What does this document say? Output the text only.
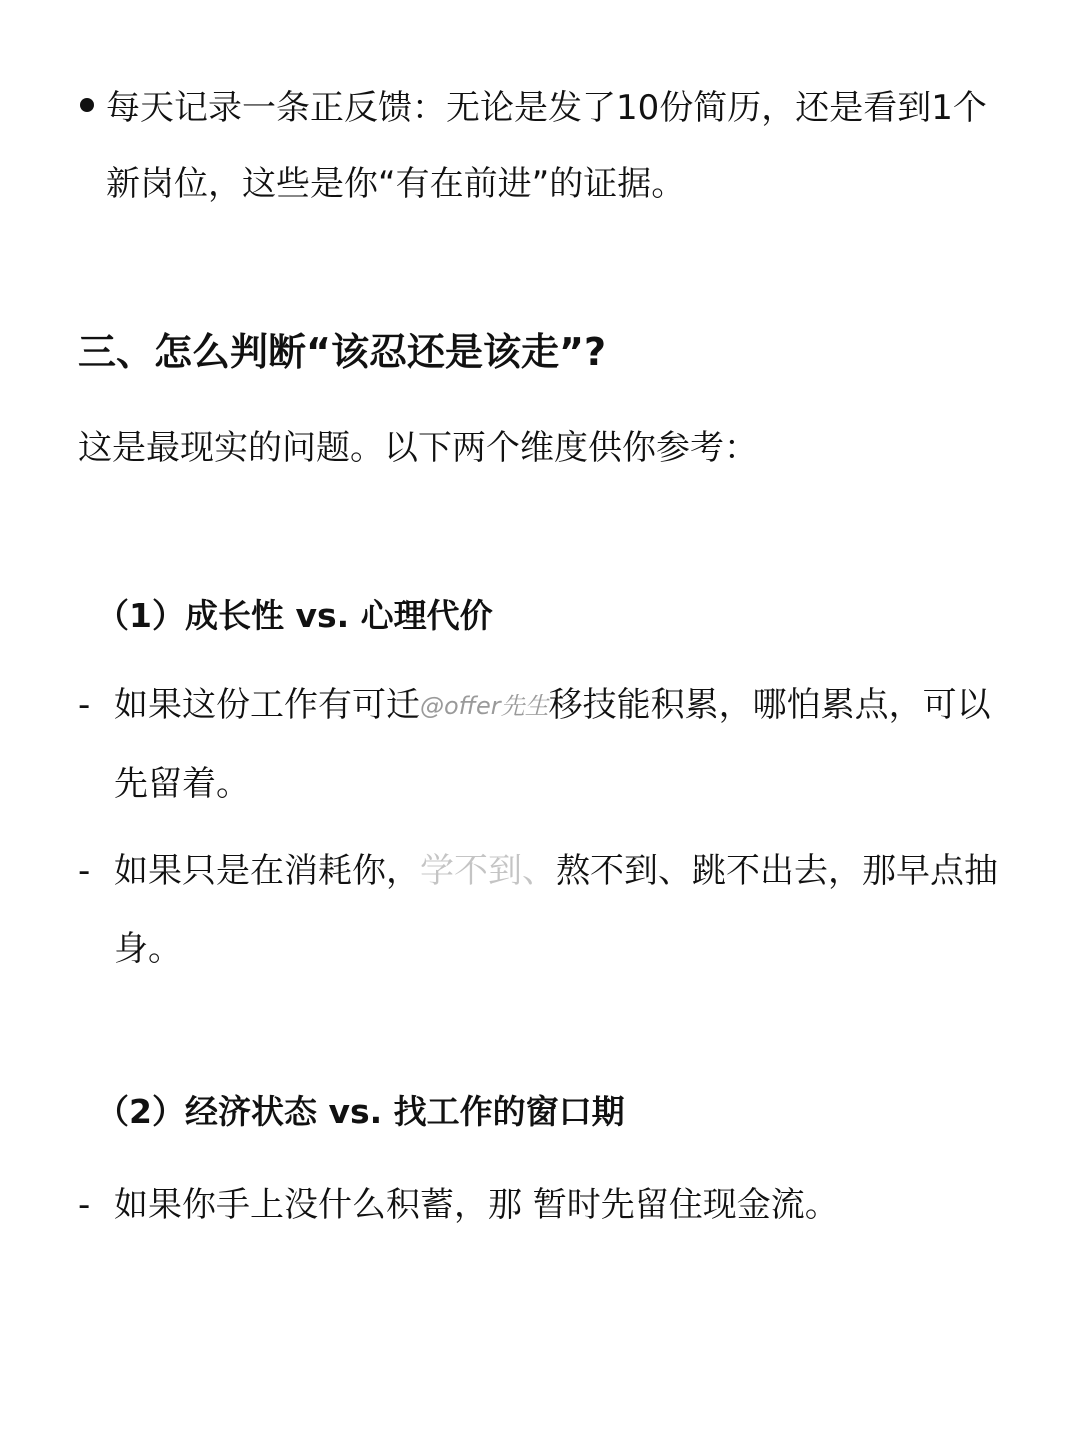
每天记录一条正反馈：无论是发了10份简历，还是看到1个新岗位，这些是你“有在前进”的证据。
三、怎么判断“该忍还是该走”?
这是最现实的问题。以下两个维度供你参考：
（1）成长性 vs. 心理代价
- 如果这份工作有可迁@offer先生移技能积累，哪怕累点，可以先留着。
- 如果只是在消耗你，学不到、熬不到、跳不出去，那早点抽身。
（2）经济状态 vs. 找工作的窗口期
- 如果你手上没什么积蓄，那 暂时先留住现金流。
